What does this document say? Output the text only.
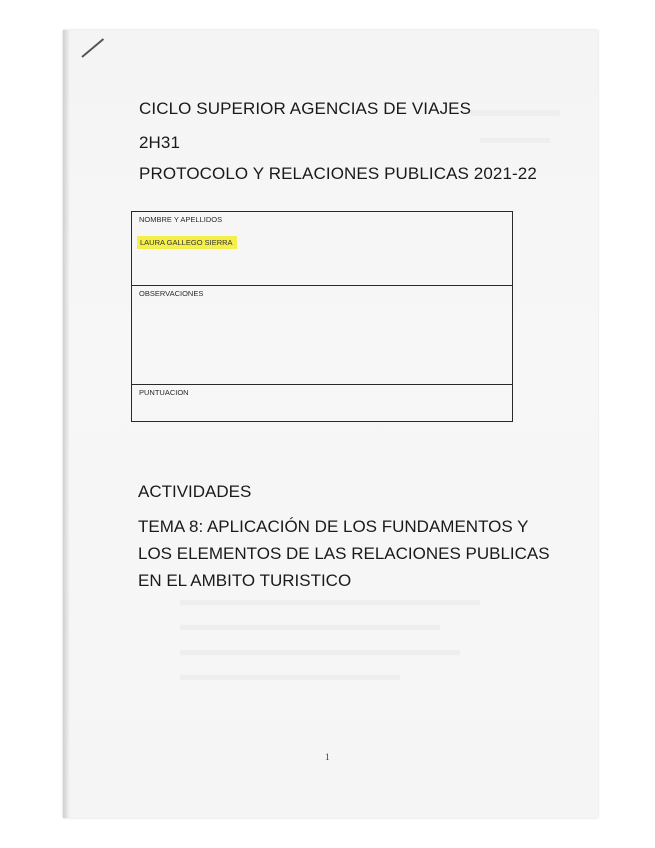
CICLO SUPERIOR AGENCIAS DE VIAJES
2H31
PROTOCOLO Y RELACIONES PUBLICAS 2021-22
NOMBRE Y APELLIDOS
LAURA GALLEGO SIERRA
OBSERVACIONES
PUNTUACION
ACTIVIDADES
TEMA 8: APLICACIÓN DE LOS FUNDAMENTOS Y
LOS ELEMENTOS DE LAS RELACIONES PUBLICAS
EN EL AMBITO TURISTICO
1
